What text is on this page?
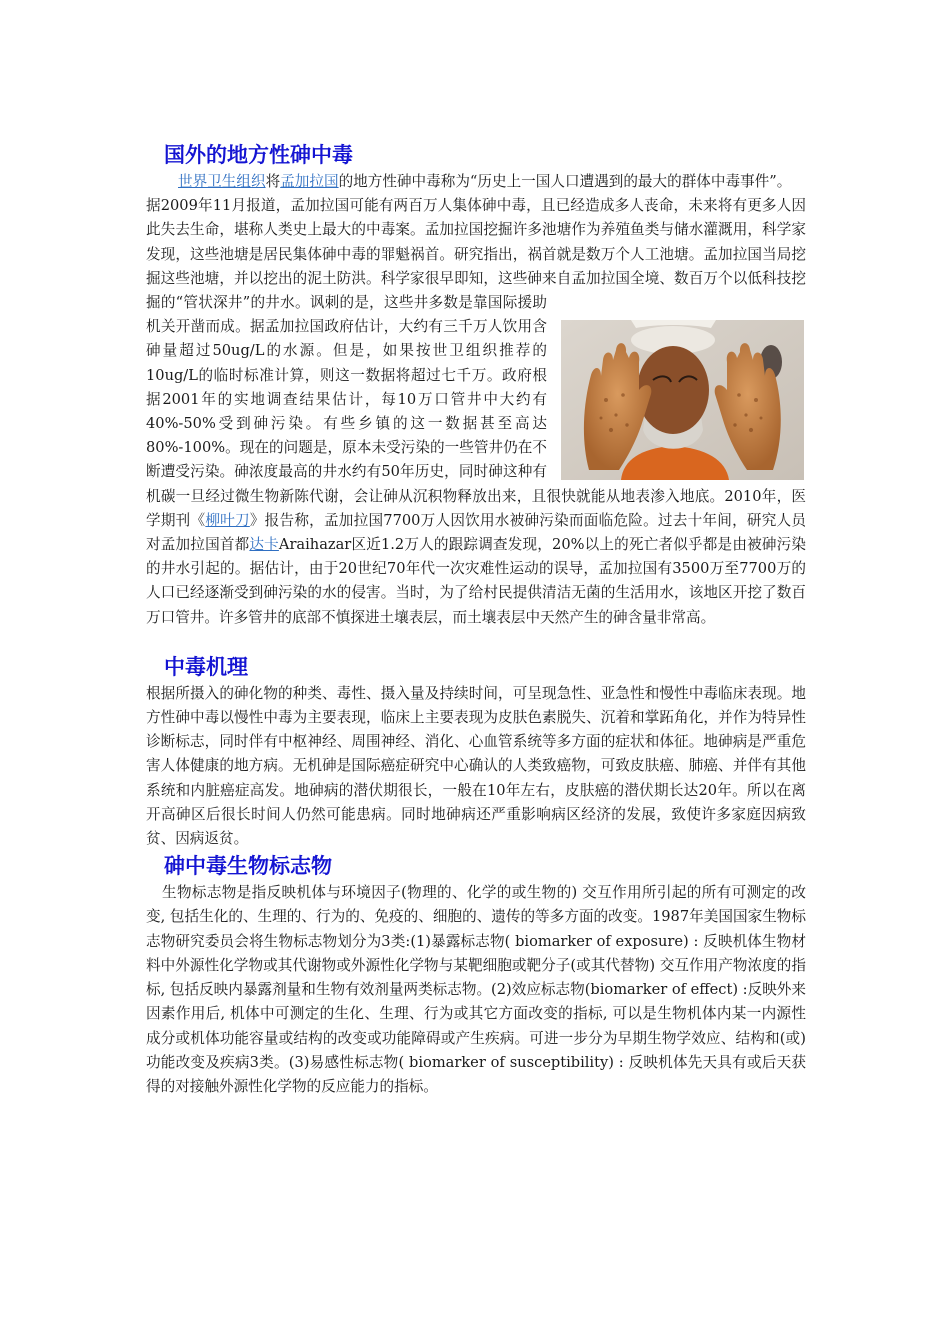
国外的地方性砷中毒

世界卫生组织将孟加拉国的地方性砷中毒称为“历史上一国人口遭遇到的最大的群体中毒事件”。

据2009年11月报道，孟加拉国可能有两百万人集体砷中毒，且已经造成多人丧命，未来将有更多人因此失去生命，堪称人类史上最大的中毒案。孟加拉国挖掘许多池塘作为养殖鱼类与储水灌溉用，科学家发现，这些池塘是居民集体砷中毒的罪魁祸首。研究指出，祸首就是数万个人工池塘。孟加拉国当局挖掘这些池塘，并以挖出的泥土防洪。科学家很早即知，这些砷来自孟加拉国全境、数百万个以低科技挖掘的“管状深井”的井水。讽刺的是，这些井多数是靠国际援助机关开凿而成。据孟加拉国政府估计，大约有三千万人饮用含砷量超过50ug/L的水源。但是，如果按世卫组织推荐的10ug/L的临时标准计算，则这一数据将超过七千万。政府根据2001年的实地调查结果估计，每10万口管井中大约有40%-50%受到砷污染。有些乡镇的这一数据甚至高达80%-100%。现在的问题是，原本未受污染的一些管井仍在不断遭受污染。砷浓度最高的井水约有50年历史，同时砷这种有机碳一旦经过微生物新陈代谢，会让砷从沉积物释放出来，且很快就能从地表渗入地底。2010年，医学期刊《柳叶刀》报告称，孟加拉国7700万人因饮用水被砷污染而面临危险。过去十年间，研究人员对孟加拉国首都达卡Araihazar区近1.2万人的跟踪调查发现，20%以上的死亡者似乎都是由被砷污染的井水引起的。据估计，由于20世纪70年代一次灾难性运动的误导，孟加拉国有3500万至7700万的人口已经逐渐受到砷污染的水的侵害。当时，为了给村民提供清洁无菌的生活用水，该地区开挖了数百万口管井。许多管井的底部不慎探进土壤表层，而土壤表层中天然产生的砷含量非常高。

中毒机理

根据所摄入的砷化物的种类、毒性、摄入量及持续时间，可呈现急性、亚急性和慢性中毒临床表现。地方性砷中毒以慢性中毒为主要表现，临床上主要表现为皮肤色素脱失、沉着和掌跖角化，并作为特异性诊断标志，同时伴有中枢神经、周围神经、消化、心血管系统等多方面的症状和体征。地砷病是严重危害人体健康的地方病。无机砷是国际癌症研究中心确认的人类致癌物，可致皮肤癌、肺癌、并伴有其他系统和内脏癌症高发。地砷病的潜伏期很长，一般在10年左右，皮肤癌的潜伏期长达20年。所以在离开高砷区后很长时间人仍然可能患病。同时地砷病还严重影响病区经济的发展，致使许多家庭因病致贫、因病返贫。

砷中毒生物标志物

生物标志物是指反映机体与环境因子(物理的、化学的或生物的) 交互作用所引起的所有可测定的改变, 包括生化的、生理的、行为的、免疫的、细胞的、遗传的等多方面的改变。1987年美国国家生物标志物研究委员会将生物标志物划分为3类:(1)暴露标志物( biomarker of exposure) : 反映机体生物材料中外源性化学物或其代谢物或外源性化学物与某靶细胞或靶分子(或其代替物) 交互作用产物浓度的指标, 包括反映内暴露剂量和生物有效剂量两类标志物。(2)效应标志物(biomarker of effect) :反映外来因素作用后, 机体中可测定的生化、生理、行为或其它方面改变的指标, 可以是生物机体内某一内源性成分或机体功能容量或结构的改变或功能障碍或产生疾病。可进一步分为早期生物学效应、结构和(或) 功能改变及疾病3类。(3)易感性标志物( biomarker of susceptibility) : 反映机体先天具有或后天获得的对接触外源性化学物的反应能力的指标。
